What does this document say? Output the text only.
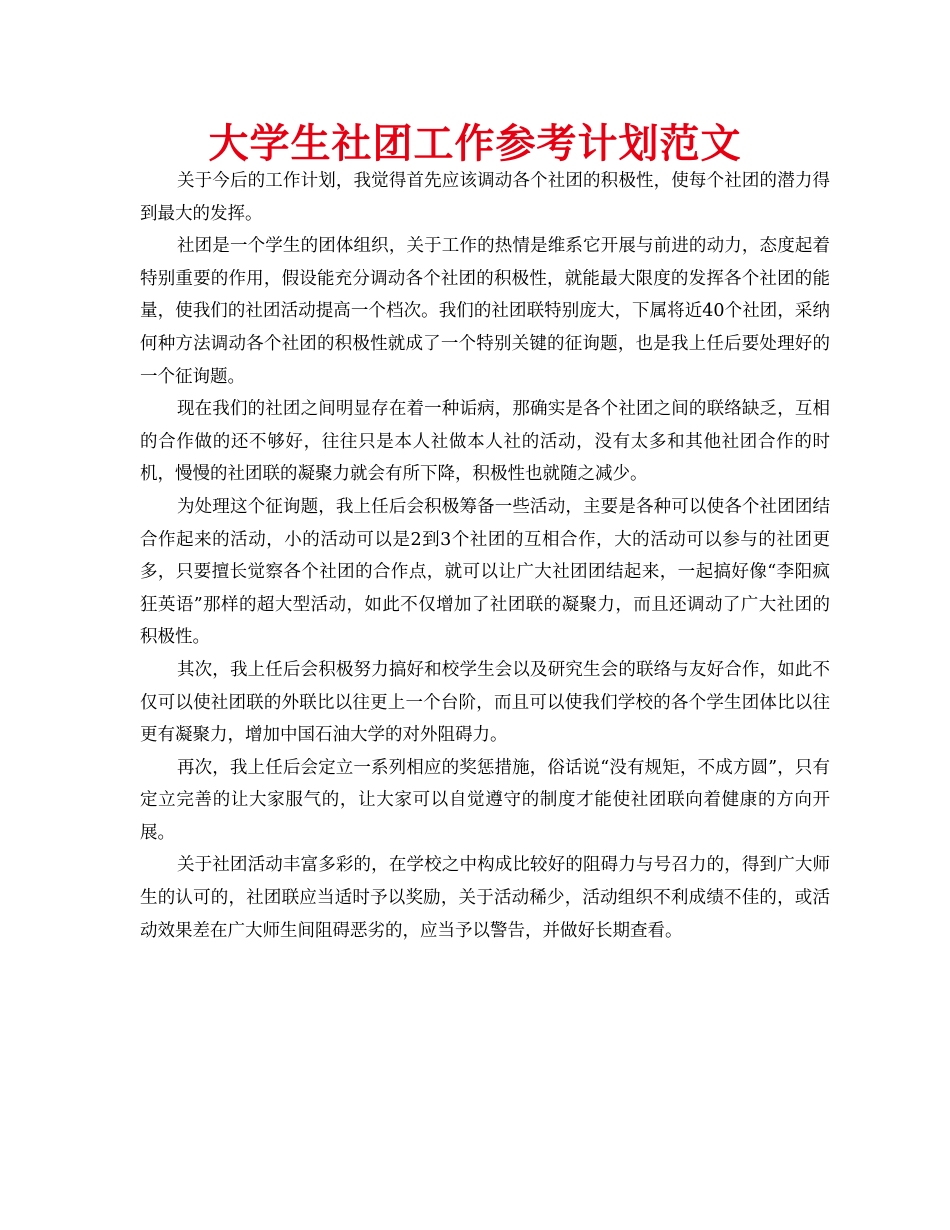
大学生社团工作参考计划范文

关于今后的工作计划，我觉得首先应该调动各个社团的积极性，使每个社团的潜力得到最大的发挥。

社团是一个学生的团体组织，关于工作的热情是维系它开展与前进的动力，态度起着特别重要的作用，假设能充分调动各个社团的积极性，就能最大限度的发挥各个社团的能量，使我们的社团活动提高一个档次。我们的社团联特别庞大，下属将近40个社团，采纳何种方法调动各个社团的积极性就成了一个特别关键的征询题，也是我上任后要处理好的一个征询题。

现在我们的社团之间明显存在着一种诟病，那确实是各个社团之间的联络缺乏，互相的合作做的还不够好，往往只是本人社做本人社的活动，没有太多和其他社团合作的时机，慢慢的社团联的凝聚力就会有所下降，积极性也就随之减少。

为处理这个征询题，我上任后会积极筹备一些活动，主要是各种可以使各个社团团结合作起来的活动，小的活动可以是2到3个社团的互相合作，大的活动可以参与的社团更多，只要擅长觉察各个社团的合作点，就可以让广大社团团结起来，一起搞好像“李阳疯狂英语”那样的超大型活动，如此不仅增加了社团联的凝聚力，而且还调动了广大社团的积极性。

其次，我上任后会积极努力搞好和校学生会以及研究生会的联络与友好合作，如此不仅可以使社团联的外联比以往更上一个台阶，而且可以使我们学校的各个学生团体比以往更有凝聚力，增加中国石油大学的对外阻碍力。

再次，我上任后会定立一系列相应的奖惩措施，俗话说“没有规矩，不成方圆”，只有定立完善的让大家服气的，让大家可以自觉遵守的制度才能使社团联向着健康的方向开展。

关于社团活动丰富多彩的，在学校之中构成比较好的阻碍力与号召力的，得到广大师生的认可的，社团联应当适时予以奖励，关于活动稀少，活动组织不利成绩不佳的，或活动效果差在广大师生间阻碍恶劣的，应当予以警告，并做好长期查看。
